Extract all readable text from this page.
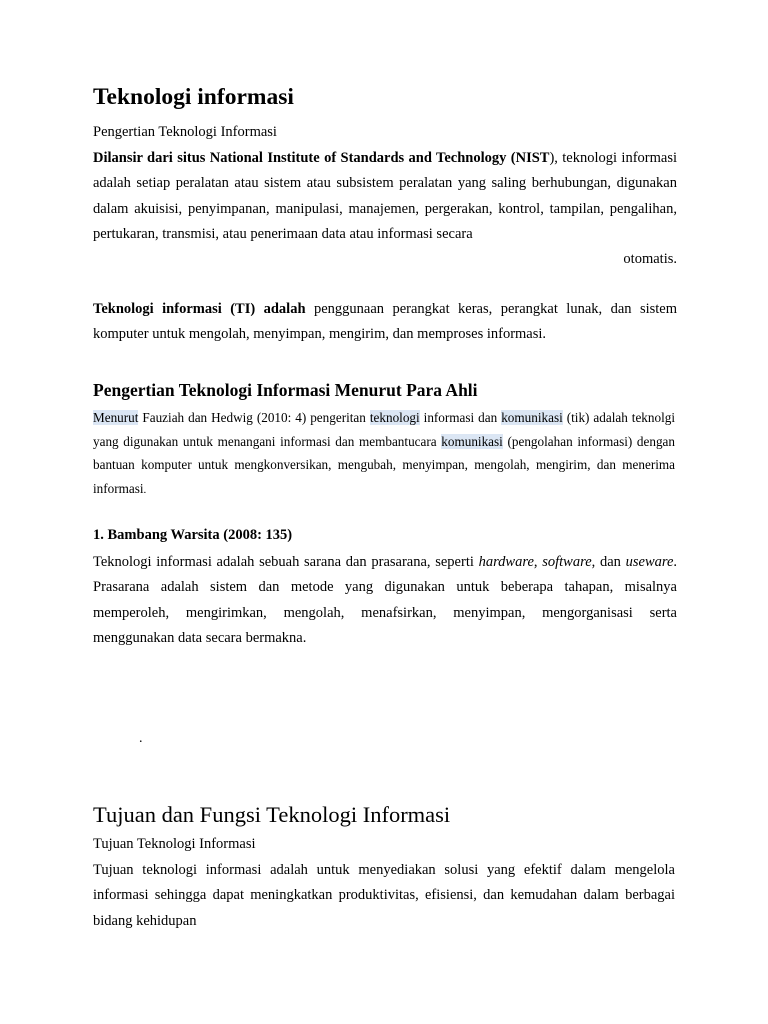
Teknologi informasi

Pengertian Teknologi Informasi

Dilansir dari situs National Institute of Standards and Technology (NIST), teknologi informasi adalah setiap peralatan atau sistem atau subsistem peralatan yang saling berhubungan, digunakan dalam akuisisi, penyimpanan, manipulasi, manajemen, pergerakan, kontrol, tampilan, pengalihan, pertukaran, transmisi, atau penerimaan data atau informasi secara

otomatis.

Teknologi informasi (TI) adalah penggunaan perangkat keras, perangkat lunak, dan sistem komputer untuk mengolah, menyimpan, mengirim, dan memproses informasi.

Pengertian Teknologi Informasi Menurut Para Ahli

Menurut Fauziah dan Hedwig (2010: 4) pengeritan teknologi informasi dan komunikasi (tik) adalah teknolgi yang digunakan untuk menangani informasi dan membantucara komunikasi (pengolahan informasi) dengan bantuan komputer untuk mengkonversikan, mengubah, menyimpan, mengolah, mengirim, dan menerima informasi.

1. Bambang Warsita (2008: 135)

Teknologi informasi adalah sebuah sarana dan prasarana, seperti hardware, software, dan useware. Prasarana adalah sistem dan metode yang digunakan untuk beberapa tahapan, misalnya memperoleh, mengirimkan, mengolah, menafsirkan, menyimpan, mengorganisasi serta menggunakan data secara bermakna.

.
Tujuan dan Fungsi Teknologi Informasi

Tujuan Teknologi Informasi

Tujuan teknologi informasi adalah untuk menyediakan solusi yang efektif dalam mengelola informasi sehingga dapat meningkatkan produktivitas, efisiensi, dan kemudahan dalam berbagai bidang kehidupan
